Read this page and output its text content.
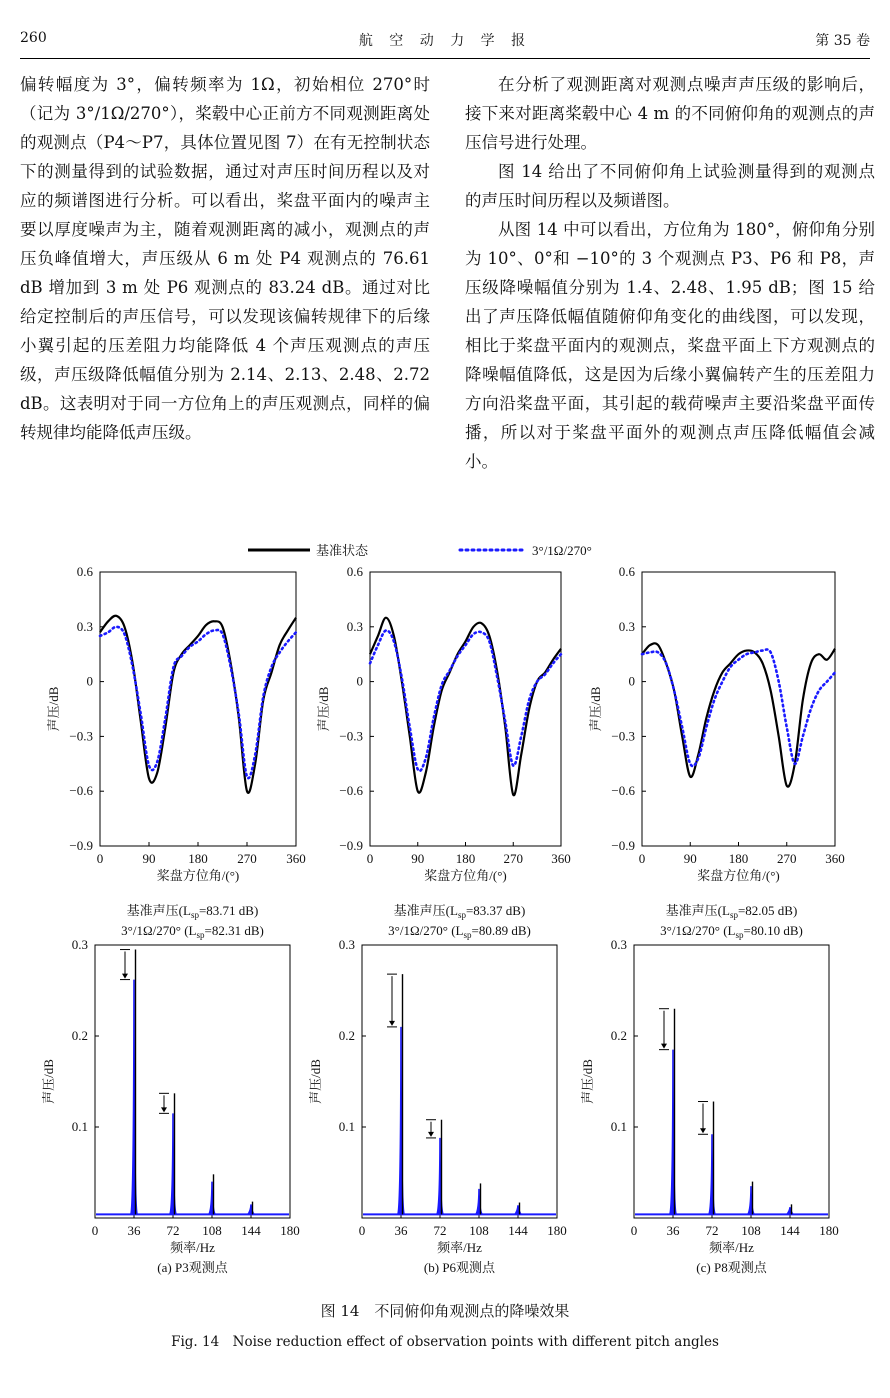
260	航 空 动 力 学 报	第 35 卷

偏转幅度为 3°，偏转频率为 1Ω，初始相位 270°时（记为 3°/1Ω/270°），桨毂中心正前方不同观测距离处的观测点（P4～P7，具体位置见图 7）在有无控制状态下的测量得到的试验数据，通过对声压时间历程以及对应的频谱图进行分析。可以看出，桨盘平面内的噪声主要以厚度噪声为主，随着观测距离的减小，观测点的声压负峰值增大，声压级从 6 m 处 P4 观测点的 76.61 dB 增加到 3 m 处 P6 观测点的 83.24 dB。通过对比给定控制后的声压信号，可以发现该偏转规律下的后缘小翼引起的压差阻力均能降低 4 个声压观测点的声压级，声压级降低幅值分别为 2.14、2.13、2.48、2.72 dB。这表明对于同一方位角上的声压观测点，同样的偏转规律均能降低声压级。

在分析了观测距离对观测点噪声声压级的影响后，接下来对距离桨毂中心 4 m 的不同俯仰角的观测点的声压信号进行处理。

图 14 给出了不同俯仰角上试验测量得到的观测点的声压时间历程以及频谱图。

从图 14 中可以看出，方位角为 180°，俯仰角分别为 10°、0°和 −10°的 3 个观测点 P3、P6 和 P8，声压级降噪幅值分别为 1.4、2.48、1.95 dB；图 15 给出了声压降低幅值随俯仰角变化的曲线图，可以发现，相比于桨盘平面内的观测点，桨盘平面上下方观测点的降噪幅值降低，这是因为后缘小翼偏转产生的压差阻力方向沿桨盘平面，其引起的载荷噪声主要沿桨盘平面传播，所以对于桨盘平面外的观测点声压降低幅值会减小。

基准状态	3°/1Ω/270°
0	90	180 270 360
−0.9
−0.6
−0.3
0
0.3
0.6
桨盘方位角/(°)
声压/dB
0	90 180 270 360
−0.9
−0.6
−0.3
0
0.3
0.6
桨盘方位角/(°)
声压/dB
0	90 180 270 360
−0.9
−0.6
−0.3
0
0.3
0.6
桨盘方位角/(°)
声压/dB
0 36 72 108 144 180
0.1
0.2
0.3
频率/Hz
声压/dB
基准声压($L_{sp}=83.71$ dB)
3°/1Ω/270° ($L_{sp}=82.31$ dB)
(a) P3观测点
0 36 72 108 144 180
0.1
0.2
0.3
频率/Hz
声压/dB
基准声压($L_{sp}=83.37$ dB)
3°/1Ω/270° ($L_{sp}=80.89$ dB)
(b) P6观测点
0 36 72 108 144 180
0.1
0.2
0.3
频率/Hz
声压/dB
基准声压($L_{sp}=82.05$ dB)
3°/1Ω/270° ($L_{sp}=80.10$ dB)
(c) P8观测点
图 14　不同俯仰角观测点的降噪效果
Fig. 14　Noise reduction effect of observation points with different pitch angles
